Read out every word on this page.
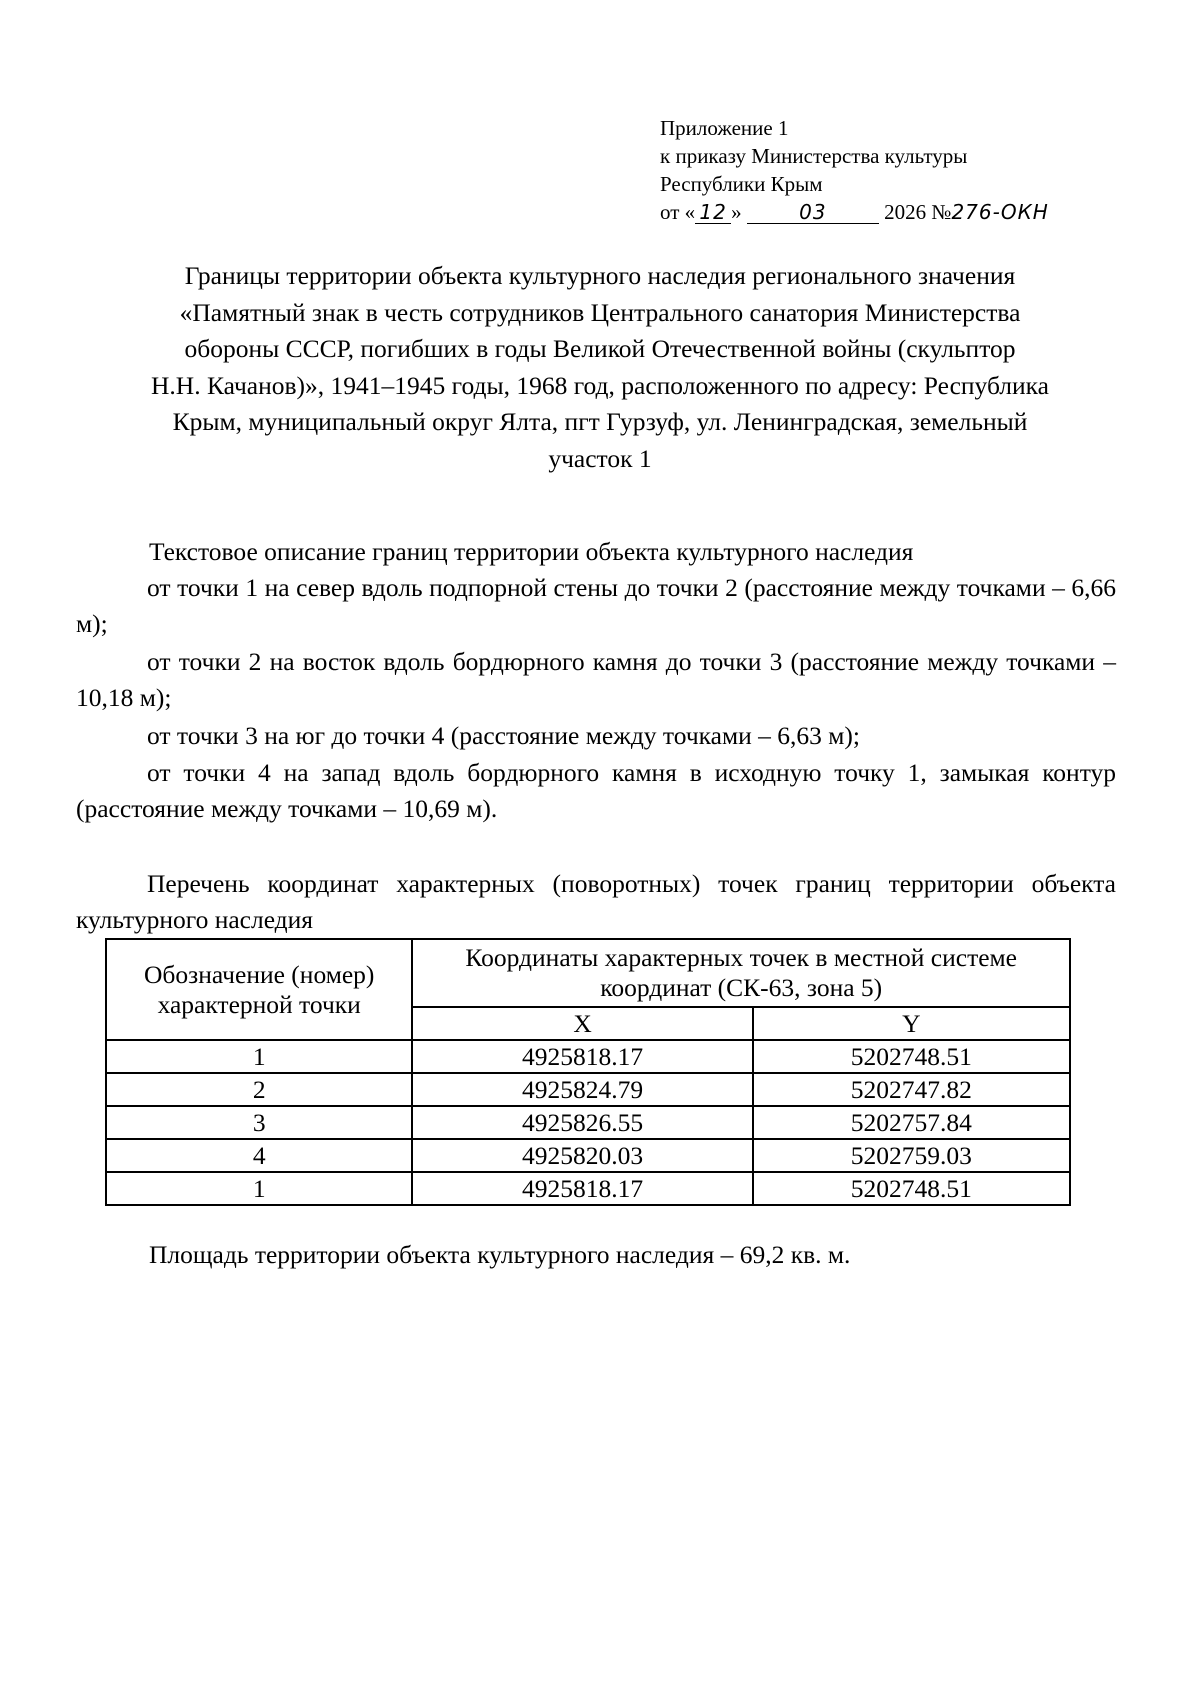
Приложение 1
к приказу Министерства культуры
Республики Крым
от « 12 »	03	2026 №276-ОКН
Границы территории объекта культурного наследия регионального значения
«Памятный знак в честь сотрудников Центрального санатория Министерства
обороны СССР, погибших в годы Великой Отечественной войны (скульптор
Н.Н. Качанов)», 1941–1945 годы, 1968 год, расположенного по адресу: Республика
Крым, муниципальный округ Ялта, пгт Гурзуф, ул. Ленинградская, земельный
участок 1
Текстовое описание границ территории объекта культурного наследия
от точки 1 на север вдоль подпорной стены до точки 2 (расстояние между точками – 6,66 м);
от точки 2 на восток вдоль бордюрного камня до точки 3 (расстояние между точками – 10,18 м);
от точки 3 на юг до точки 4 (расстояние между точками – 6,63 м);
от точки 4 на запад вдоль бордюрного камня в исходную точку 1, замыкая контур (расстояние между точками – 10,69 м).
Перечень координат характерных (поворотных) точек границ территории объекта культурного наследия
Обозначение (номер) характерной точки	Координаты характерных точек в местной системе координат (СК-63, зона 5)	
	X	Y
1	4925818.17	5202748.51
2	4925824.79	5202747.82
3	4925826.55	5202757.84
4	4925820.03	5202759.03
1	4925818.17	5202748.51
Площадь территории объекта культурного наследия – 69,2 кв. м.
